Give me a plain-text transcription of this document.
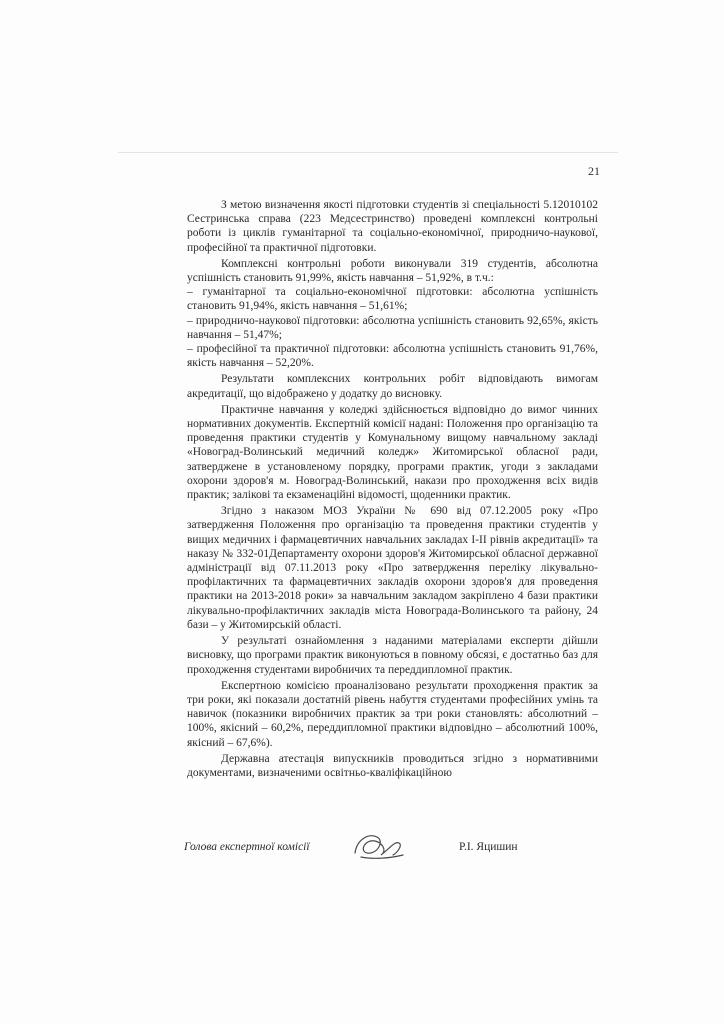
21

З метою визначення якості підготовки студентів зі спеціальності 5.12010102 Сестринська справа (223 Медсестринство) проведені комплексні контрольні роботи із циклів гуманітарної та соціально-економічної, природничо-наукової, професійної та практичної підготовки.

Комплексні контрольні роботи виконували 319 студентів, абсолютна успішність становить 91,99%, якість навчання – 51,92%, в т.ч.:

– гуманітарної та соціально-економічної підготовки: абсолютна успішність становить 91,94%, якість навчання – 51,61%;

– природничо-наукової підготовки: абсолютна успішність становить 92,65%, якість навчання – 51,47%;

– професійної та практичної підготовки: абсолютна успішність становить 91,76%, якість навчання – 52,20%.

Результати комплексних контрольних робіт відповідають вимогам акредитації, що відображено у додатку до висновку.

Практичне навчання у коледжі здійснюється відповідно до вимог чинних нормативних документів. Експертній комісії надані: Положення про організацію та проведення практики студентів у Комунальному вищому навчальному закладі «Новоград-Волинський медичний коледж» Житомирської обласної ради, затверджене в установленому порядку, програми практик, угоди з закладами охорони здоров'я м. Новоград-Волинський, накази про проходження всіх видів практик; залікові та екзаменаційні відомості, щоденники практик.

Згідно з наказом МОЗ України № 690 від 07.12.2005 року «Про затвердження Положення про організацію та проведення практики студентів у вищих медичних і фармацевтичних навчальних закладах І-ІІ рівнів акредитації» та наказу № 332-01Департаменту охорони здоров'я Житомирської обласної державної адміністрації від 07.11.2013 року «Про затвердження переліку лікувально-профілактичних та фармацевтичних закладів охорони здоров'я для проведення практики на 2013-2018 роки» за навчальним закладом закріплено 4 бази практики лікувально-профілактичних закладів міста Новограда-Волинського та району, 24 бази – у Житомирській області.

У результаті ознайомлення з наданими матеріалами експерти дійшли висновку, що програми практик виконуються в повному обсязі, є достатньо баз для проходження студентами виробничих та переддипломної практик.

Експертною комісією проаналізовано результати проходження практик за три роки, які показали достатній рівень набуття студентами професійних умінь та навичок (показники виробничих практик за три роки становлять: абсолютний – 100%, якісний – 60,2%, переддипломної практики відповідно – абсолютний 100%, якісний – 67,6%).

Державна атестація випускників проводиться згідно з нормативними документами, визначеними освітньо-кваліфікаційною

Голова експертної комісії	Р.І. Яцишин
